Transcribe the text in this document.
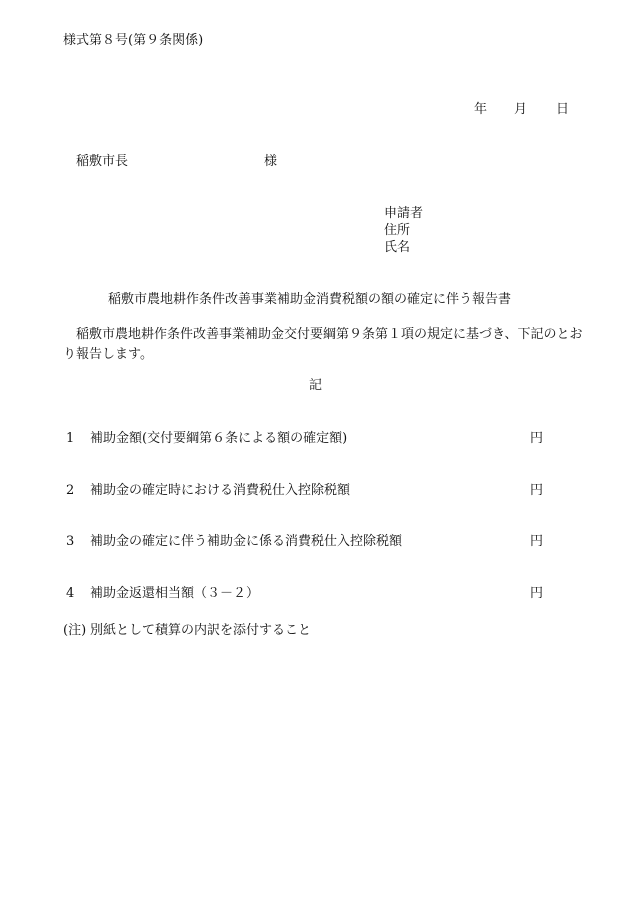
様式第８号(第９条関係)
年 月 日
稲敷市長	様
申請者
住所
氏名
稲敷市農地耕作条件改善事業補助金消費税額の額の確定に伴う報告書
稲敷市農地耕作条件改善事業補助金交付要綱第９条第１項の規定に基づき、下記のとおり報告します。
記
1 補助金額(交付要綱第６条による額の確定額)	円
2 補助金の確定時における消費税仕入控除税額	円
3 補助金の確定に伴う補助金に係る消費税仕入控除税額	円
4 補助金返還相当額（３－２）	円
(注) 別紙として積算の内訳を添付すること
